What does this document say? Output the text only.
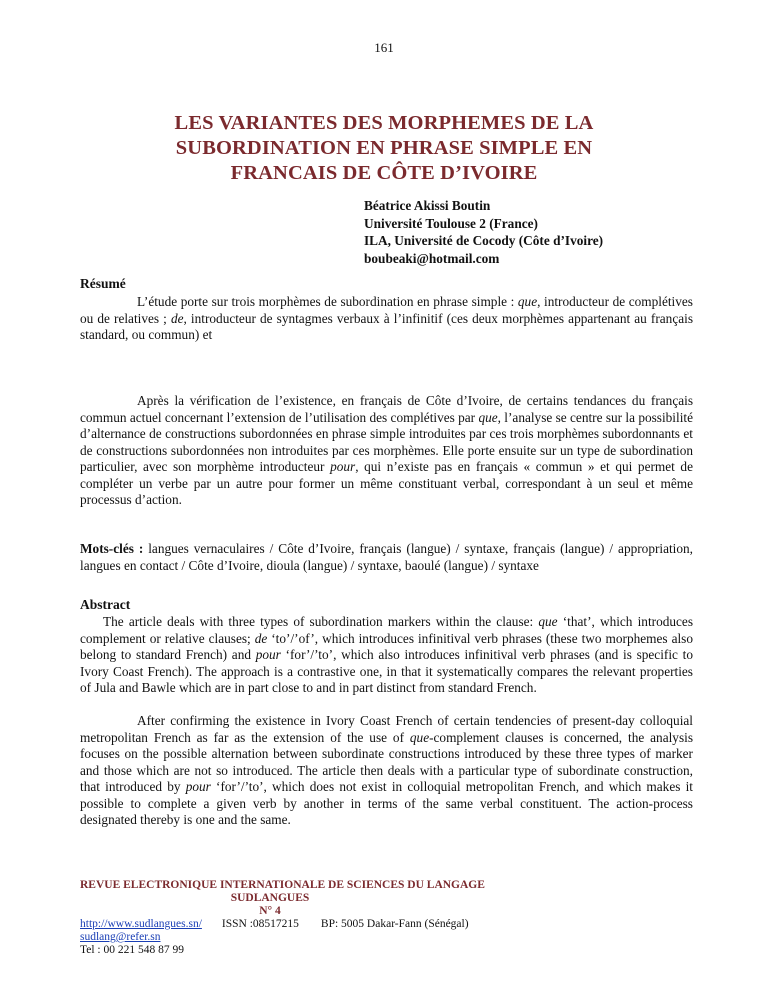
161
LES VARIANTES DES MORPHEMES DE LA
SUBORDINATION EN PHRASE SIMPLE EN
FRANCAIS DE CÔTE D’IVOIRE
Béatrice Akissi Boutin
Université Toulouse 2 (France)
ILA, Université de Cocody (Côte d’Ivoire)
boubeaki@hotmail.com
Résumé

L’étude porte sur trois morphèmes de subordination en phrase simple : que, introducteur de complétives ou de relatives ; de, introducteur de syntagmes verbaux à l’infinitif (ces deux morphèmes appartenant au français standard, ou commun) et

Après la vérification de l’existence, en français de Côte d’Ivoire, de certains tendances du français commun actuel concernant l’extension de l’utilisation des complétives par que, l’analyse se centre sur la possibilité d’alternance de constructions subordonnées en phrase simple introduites par ces trois morphèmes subordonnants et de constructions subordonnées non introduites par ces morphèmes. Elle porte ensuite sur un type de subordination particulier, avec son morphème introducteur pour, qui n’existe pas en français « commun » et qui permet de compléter un verbe par un autre pour former un même constituant verbal, correspondant à un seul et même processus d’action.

Mots-clés : langues vernaculaires / Côte d’Ivoire, français (langue) / syntaxe, français (langue) / appropriation, langues en contact / Côte d’Ivoire, dioula (langue) / syntaxe, baoulé (langue) / syntaxe

Abstract

The article deals with three types of subordination markers within the clause: que ‘that’, which introduces complement or relative clauses; de ‘to’/’of’, which introduces infinitival verb phrases (these two morphemes also belong to standard French) and pour ‘for’/’to’, which also introduces infinitival verb phrases (and is specific to Ivory Coast French). The approach is a contrastive one, in that it systematically compares the relevant properties of Jula and Bawle which are in part close to and in part distinct from standard French.

After confirming the existence in Ivory Coast French of certain tendencies of present-day colloquial metropolitan French as far as the extension of the use of que-complement clauses is concerned, the analysis focuses on the possible alternation between subordinate constructions introduced by these three types of marker and those which are not so introduced. The article then deals with a particular type of subordinate construction, that introduced by pour ‘for’/’to’, which does not exist in colloquial metropolitan French, and which makes it possible to complete a given verb by another in terms of the same verbal constituent. The action-process designated thereby is one and the same.

REVUE ELECTRONIQUE INTERNATIONALE DE SCIENCES DU LANGAGE
SUDLANGUES
N° 4
http://www.sudlangues.sn/ ISSN :08517215 BP: 5005 Dakar-Fann (Sénégal)
sudlang@refer.sn
Tel : 00 221 548 87 99
